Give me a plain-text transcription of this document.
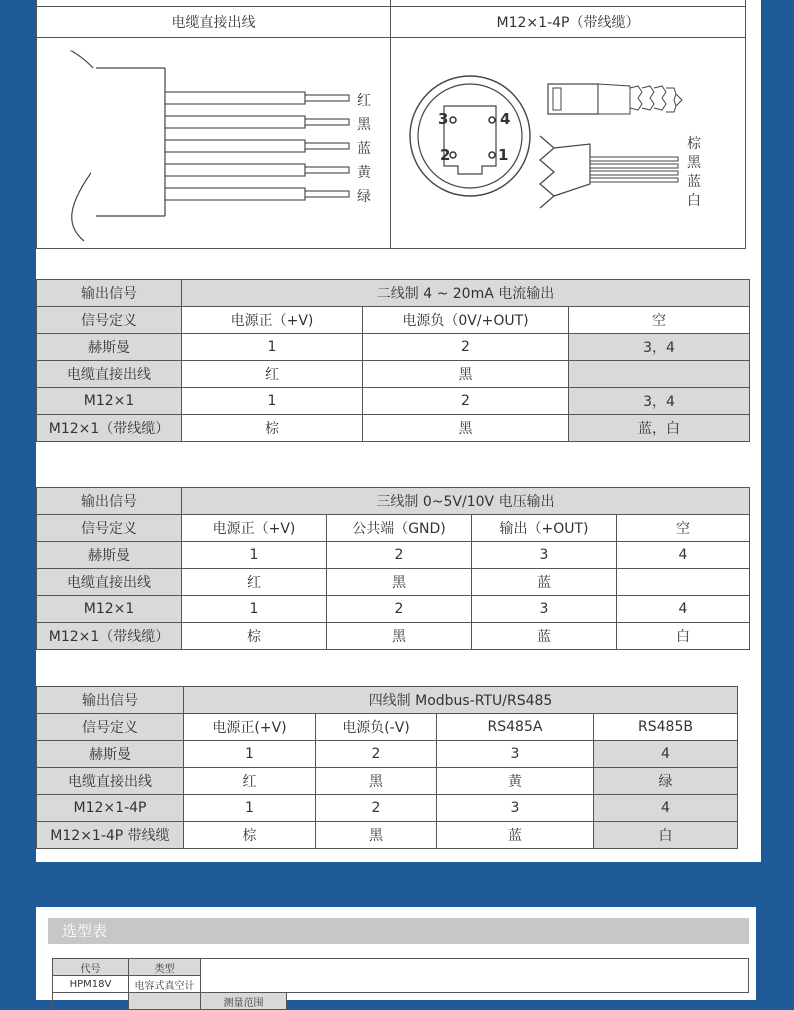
电缆直接出线	M12×1-4P（带线缆）

红
黑
蓝
黄
绿
3	4
2	1
棕
黑
蓝
白
输出信号	二线制 4 ~ 20mA 电流输出		
信号定义	电源正（+V)	电源负（0V/+OUT)	空
赫斯曼	1	2	3，4
电缆直接出线	红	黑	
M12×1	1	2	3，4
M12×1（带线缆）	棕	黑	蓝，白
输出信号	三线制 0~5V/10V 电压输出			
信号定义	电源正（+V)	公共端（GND)	输出（+OUT)	空
赫斯曼	1	2	3	4
电缆直接出线	红	黑	蓝	
M12×1	1	2	3	4
M12×1（带线缆）	棕	黑	蓝	白
输出信号	四线制 Modbus-RTU/RS485			
信号定义	电源正(+V)	电源负(-V)	RS485A	RS485B
赫斯曼	1	2	3	4
电缆直接出线	红	黑	黄	绿
M12×1-4P	1	2	3	4
M12×1-4P 带线缆	棕	黑	蓝	白
选型表
代号	类型		
HPM18V	电容式真空计		
		测量范围	
